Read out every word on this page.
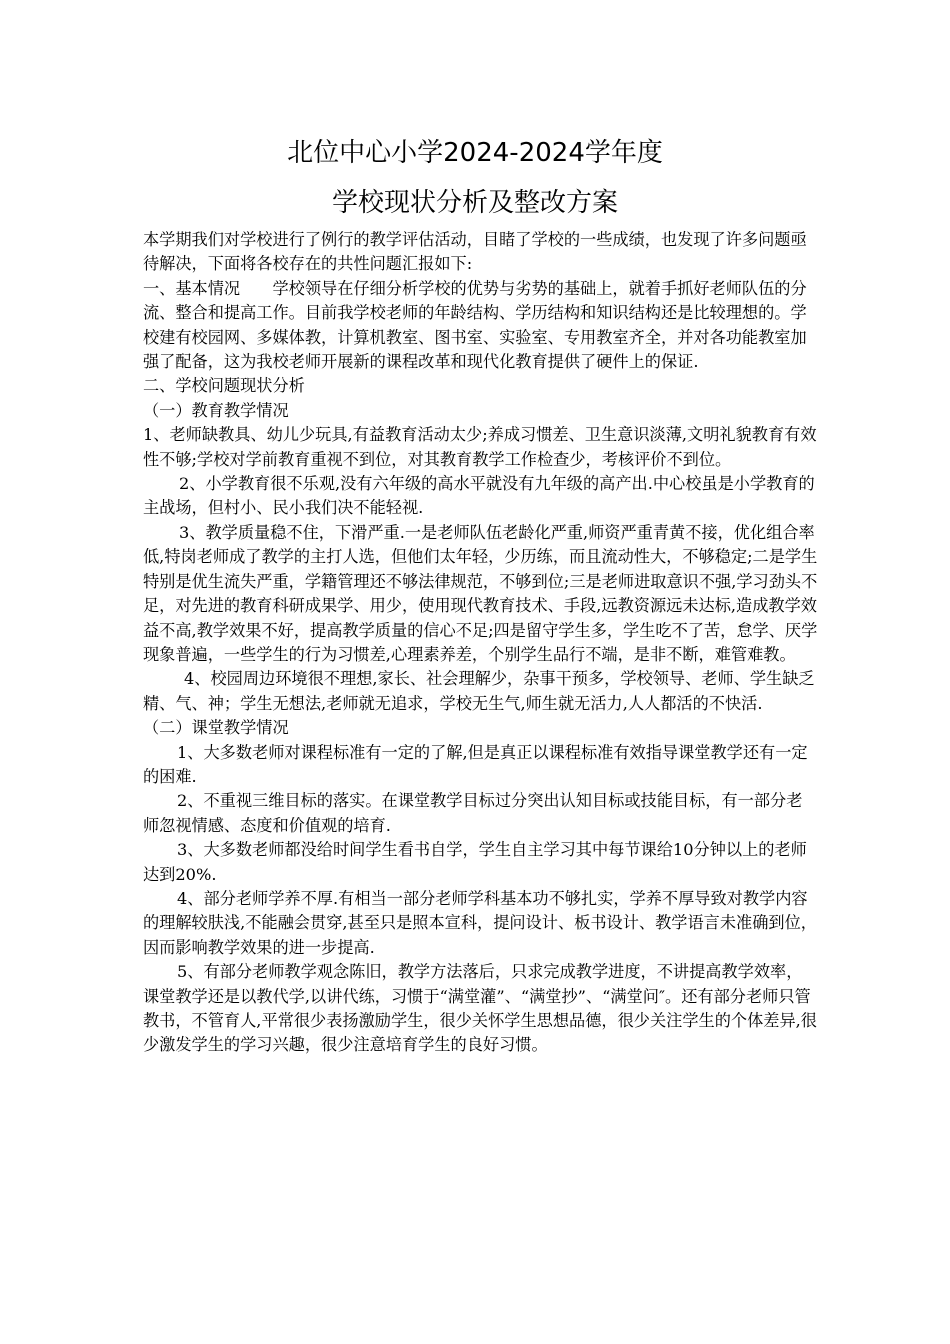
北位中心小学2024-2024学年度
学校现状分析及整改方案

本学期我们对学校进行了例行的教学评估活动，目睹了学校的一些成绩，也发现了许多问题亟待解决，下面将各校存在的共性问题汇报如下:

一、基本情况　　学校领导在仔细分析学校的优势与劣势的基础上，就着手抓好老师队伍的分流、整合和提高工作。目前我学校老师的年龄结构、学历结构和知识结构还是比较理想的。学校建有校园网、多媒体教，计算机教室、图书室、实验室、专用教室齐全，并对各功能教室加强了配备，这为我校老师开展新的课程改革和现代化教育提供了硬件上的保证.

二、学校问题现状分析

（一）教育教学情况

1、老师缺教具、幼儿少玩具,有益教育活动太少;养成习惯差、卫生意识淡薄,文明礼貌教育有效性不够;学校对学前教育重视不到位，对其教育教学工作检查少，考核评价不到位。

2、小学教育很不乐观,没有六年级的高水平就没有九年级的高产出.中心校虽是小学教育的主战场，但村小、民小我们决不能轻视.

3、教学质量稳不住，下滑严重.一是老师队伍老龄化严重,师资严重青黄不接，优化组合率低,特岗老师成了教学的主打人选，但他们太年轻，少历练，而且流动性大，不够稳定;二是学生特别是优生流失严重，学籍管理还不够法律规范，不够到位;三是老师进取意识不强,学习劲头不足，对先进的教育科研成果学、用少，使用现代教育技术、手段,远教资源远未达标,造成教学效益不高,教学效果不好，提高教学质量的信心不足;四是留守学生多，学生吃不了苦，怠学、厌学现象普遍，一些学生的行为习惯差,心理素养差，个别学生品行不端，是非不断，难管难教。

4、校园周边环境很不理想,家长、社会理解少，杂事干预多，学校领导、老师、学生缺乏精、气、神；学生无想法,老师就无追求，学校无生气,师生就无活力,人人都活的不快活.

（二）课堂教学情况

1、大多数老师对课程标准有一定的了解,但是真正以课程标准有效指导课堂教学还有一定的困难.

2、不重视三维目标的落实。在课堂教学目标过分突出认知目标或技能目标，有一部分老师忽视情感、态度和价值观的培育.

3、大多数老师都没给时间学生看书自学，学生自主学习其中每节课给10分钟以上的老师达到20%.

4、部分老师学养不厚.有相当一部分老师学科基本功不够扎实，学养不厚导致对教学内容的理解较肤浅,不能融会贯穿,甚至只是照本宣科，提问设计、板书设计、教学语言未准确到位，因而影响教学效果的进一步提高.

5、有部分老师教学观念陈旧，教学方法落后，只求完成教学进度，不讲提高教学效率，课堂教学还是以教代学,以讲代练，习惯于“满堂灌”、“满堂抄”、“满堂问″。还有部分老师只管教书，不管育人,平常很少表扬激励学生，很少关怀学生思想品德，很少关注学生的个体差异,很少激发学生的学习兴趣，很少注意培育学生的良好习惯。
